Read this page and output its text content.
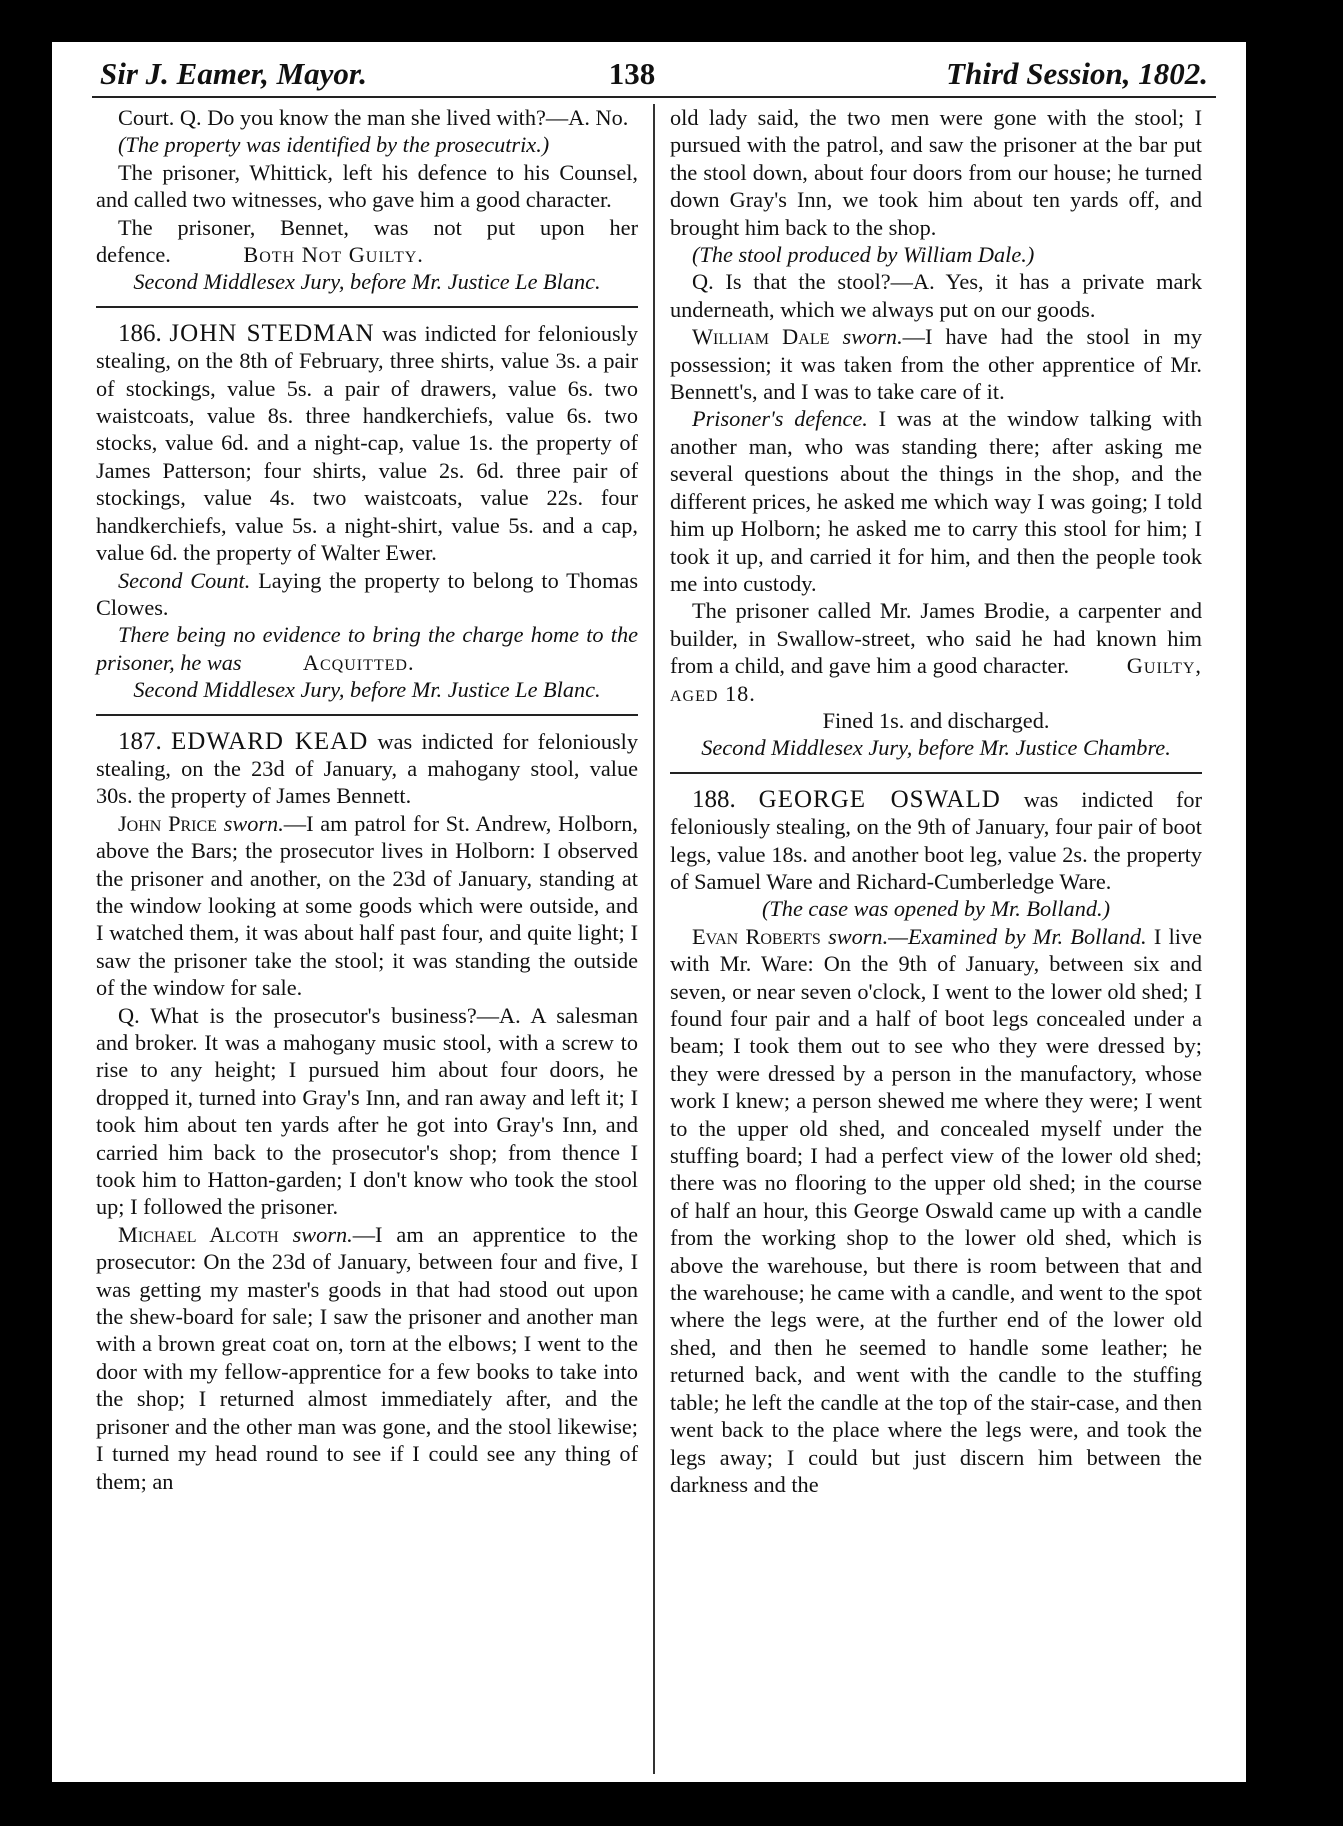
Sir J. Eamer, Mayor.	138	Third Session, 1802.

Court. Q. Do you know the man she lived with?—A. No.

(The property was identified by the prosecutrix.)

The prisoner, Whittick, left his defence to his Counsel, and called two witnesses, who gave him a good character.

The prisoner, Bennet, was not put upon her defence.	Both Not Guilty.

Second Middlesex Jury, before Mr. Justice Le Blanc.

186. JOHN STEDMAN was indicted for feloniously stealing, on the 8th of February, three shirts, value 3s. a pair of stockings, value 5s. a pair of drawers, value 6s. two waistcoats, value 8s. three handkerchiefs, value 6s. two stocks, value 6d. and a night-cap, value 1s. the property of James Patterson; four shirts, value 2s. 6d. three pair of stockings, value 4s. two waistcoats, value 22s. four handkerchiefs, value 5s. a night-shirt, value 5s. and a cap, value 6d. the property of Walter Ewer.

Second Count. Laying the property to belong to Thomas Clowes.

There being no evidence to bring the charge home to the prisoner, he was	Acquitted.

Second Middlesex Jury, before Mr. Justice Le Blanc.

187. EDWARD KEAD was indicted for feloniously stealing, on the 23d of January, a mahogany stool, value 30s. the property of James Bennett.

John Price sworn.—I am patrol for St. Andrew, Holborn, above the Bars; the prosecutor lives in Holborn: I observed the prisoner and another, on the 23d of January, standing at the window looking at some goods which were outside, and I watched them, it was about half past four, and quite light; I saw the prisoner take the stool; it was standing the outside of the window for sale.

Q. What is the prosecutor's business?—A. A salesman and broker. It was a mahogany music stool, with a screw to rise to any height; I pursued him about four doors, he dropped it, turned into Gray's Inn, and ran away and left it; I took him about ten yards after he got into Gray's Inn, and carried him back to the prosecutor's shop; from thence I took him to Hatton-garden; I don't know who took the stool up; I followed the prisoner.

Michael Alcoth sworn.—I am an apprentice to the prosecutor: On the 23d of January, between four and five, I was getting my master's goods in that had stood out upon the shew-board for sale; I saw the prisoner and another man with a brown great coat on, torn at the elbows; I went to the door with my fellow-apprentice for a few books to take into the shop; I returned almost immediately after, and the prisoner and the other man was gone, and the stool likewise; I turned my head round to see if I could see any thing of them; an

old lady said, the two men were gone with the stool; I pursued with the patrol, and saw the prisoner at the bar put the stool down, about four doors from our house; he turned down Gray's Inn, we took him about ten yards off, and brought him back to the shop.

(The stool produced by William Dale.)

Q. Is that the stool?—A. Yes, it has a private mark underneath, which we always put on our goods.

William Dale sworn.—I have had the stool in my possession; it was taken from the other apprentice of Mr. Bennett's, and I was to take care of it.

Prisoner's defence. I was at the window talking with another man, who was standing there; after asking me several questions about the things in the shop, and the different prices, he asked me which way I was going; I told him up Holborn; he asked me to carry this stool for him; I took it up, and carried it for him, and then the people took me into custody.

The prisoner called Mr. James Brodie, a carpenter and builder, in Swallow-street, who said he had known him from a child, and gave him a good character.	Guilty, aged 18.

Fined 1s. and discharged.

Second Middlesex Jury, before Mr. Justice Chambre.

188. GEORGE OSWALD was indicted for feloniously stealing, on the 9th of January, four pair of boot legs, value 18s. and another boot leg, value 2s. the property of Samuel Ware and Richard-Cumberledge Ware.

(The case was opened by Mr. Bolland.)

Evan Roberts sworn.—Examined by Mr. Bolland. I live with Mr. Ware: On the 9th of January, between six and seven, or near seven o'clock, I went to the lower old shed; I found four pair and a half of boot legs concealed under a beam; I took them out to see who they were dressed by; they were dressed by a person in the manufactory, whose work I knew; a person shewed me where they were; I went to the upper old shed, and concealed myself under the stuffing board; I had a perfect view of the lower old shed; there was no flooring to the upper old shed; in the course of half an hour, this George Oswald came up with a candle from the working shop to the lower old shed, which is above the warehouse, but there is room between that and the warehouse; he came with a candle, and went to the spot where the legs were, at the further end of the lower old shed, and then he seemed to handle some leather; he returned back, and went with the candle to the stuffing table; he left the candle at the top of the stair-case, and then went back to the place where the legs were, and took the legs away; I could but just discern him between the darkness and the
